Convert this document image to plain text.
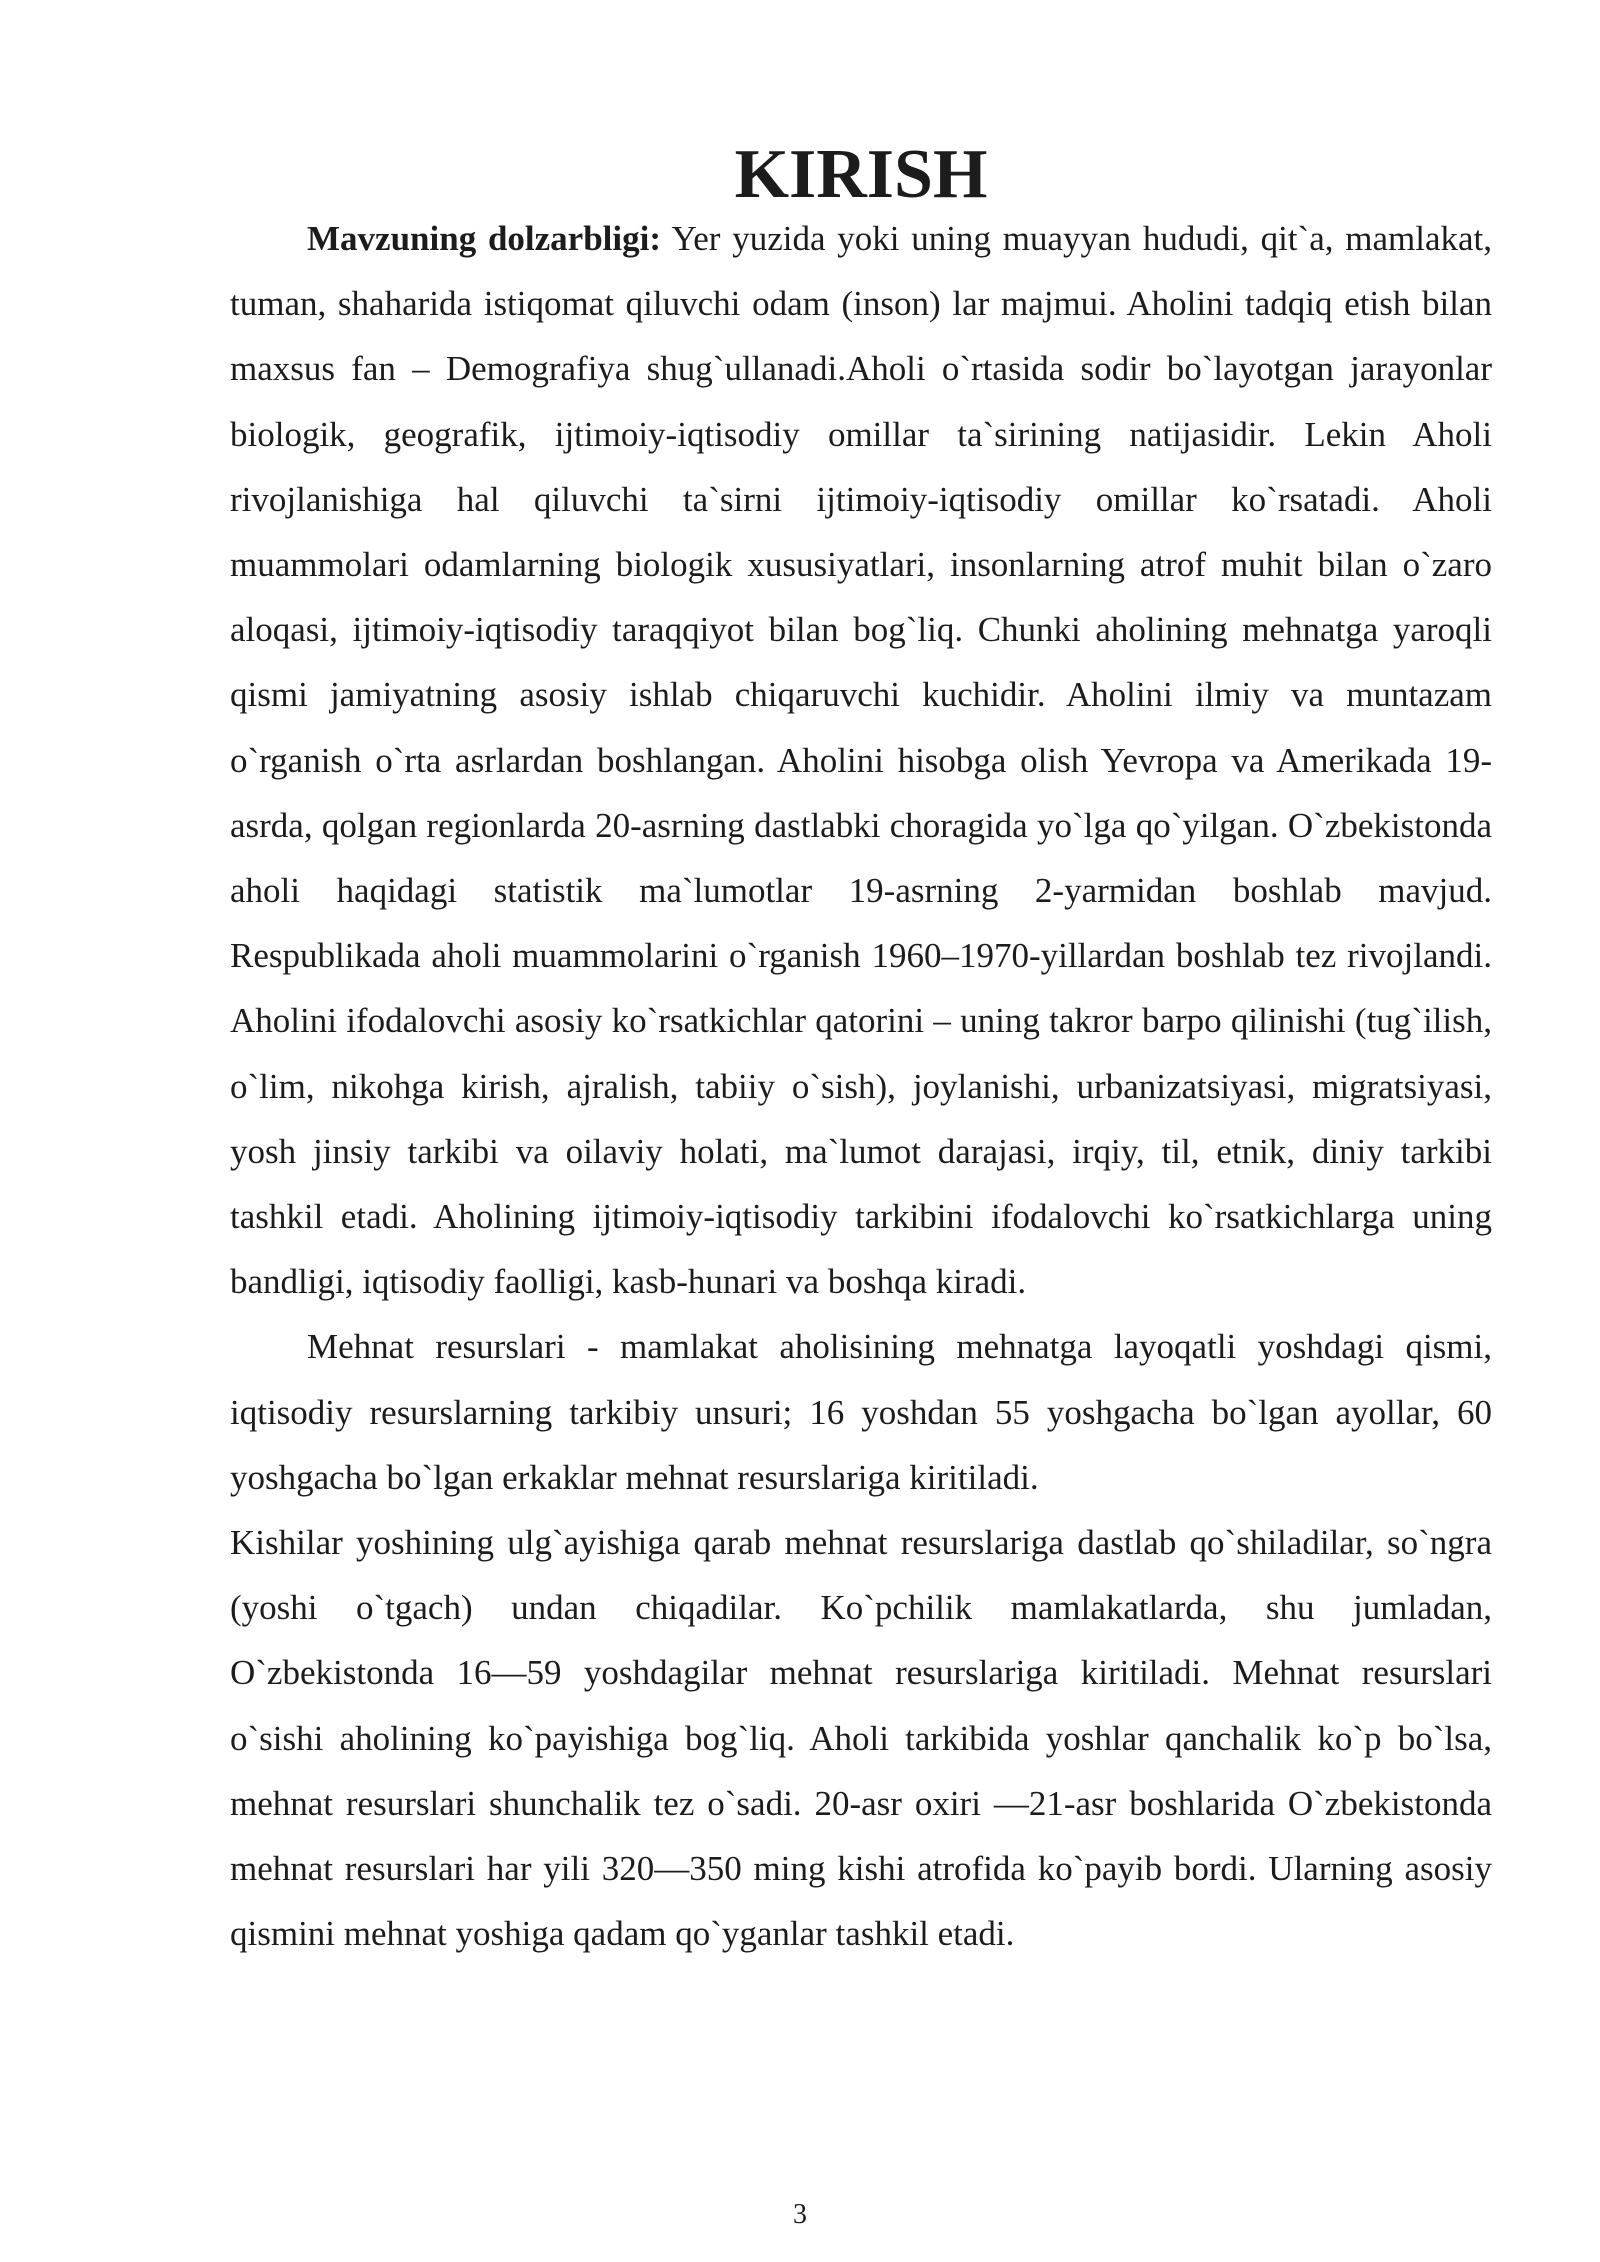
KIRISH

Mavzuning dolzarbligi: Yer yuzida yoki uning muayyan hududi, qit`a, mamlakat, tuman, shaharida istiqomat qiluvchi odam (inson) lar majmui. Aholini tadqiq etish bilan maxsus fan – Demografiya shug`ullanadi.Aholi o`rtasida sodir bo`layotgan jarayonlar biologik, geografik, ijtimoiy-iqtisodiy omillar ta`sirining natijasidir. Lekin Aholi rivojlanishiga hal qiluvchi ta`sirni ijtimoiy-iqtisodiy omillar ko`rsatadi. Aholi muammolari odamlarning biologik xususiyatlari, insonlarning atrof muhit bilan o`zaro aloqasi, ijtimoiy-iqtisodiy taraqqiyot bilan bog`liq. Chunki aholining mehnatga yaroqli qismi jamiyatning asosiy ishlab chiqaruvchi kuchidir. Aholini ilmiy va muntazam o`rganish o`rta asrlardan boshlangan. Aholini hisobga olish Yevropa va Amerikada 19-asrda, qolgan regionlarda 20-asrning dastlabki choragida yo`lga qo`yilgan. O`zbekistonda aholi haqidagi statistik ma`lumotlar 19-asrning 2-yarmidan boshlab mavjud. Respublikada aholi muammolarini o`rganish 1960–1970-yillardan boshlab tez rivojlandi. Aholini ifodalovchi asosiy ko`rsatkichlar qatorini – uning takror barpo qilinishi (tug`ilish, o`lim, nikohga kirish, ajralish, tabiiy o`sish), joylanishi, urbanizatsiyasi, migratsiyasi, yosh jinsiy tarkibi va oilaviy holati, ma`lumot darajasi, irqiy, til, etnik, diniy tarkibi tashkil etadi. Aholining ijtimoiy-iqtisodiy tarkibini ifodalovchi ko`rsatkichlarga uning bandligi, iqtisodiy faolligi, kasb-hunari va boshqa kiradi.

Mehnat resurslari - mamlakat aholisining mehnatga layoqatli yoshdagi qismi, iqtisodiy resurslarning tarkibiy unsuri; 16 yoshdan 55 yoshgacha bo`lgan ayollar, 60 yoshgacha bo`lgan erkaklar mehnat resurslariga kiritiladi.

Kishilar yoshining ulg`ayishiga qarab mehnat resurslariga dastlab qo`shiladilar, so`ngra (yoshi o`tgach) undan chiqadilar. Ko`pchilik mamlakatlarda, shu jumladan, O`zbekistonda 16—59 yoshdagilar mehnat resurslariga kiritiladi. Mehnat resurslari o`sishi aholining ko`payishiga bog`liq. Aholi tarkibida yoshlar qanchalik ko`p bo`lsa, mehnat resurslari shunchalik tez o`sadi. 20-asr oxiri —21-asr boshlarida O`zbekistonda mehnat resurslari har yili 320—350 ming kishi atrofida ko`payib bordi. Ularning asosiy qismini mehnat yoshiga qadam qo`yganlar tashkil etadi.

3
